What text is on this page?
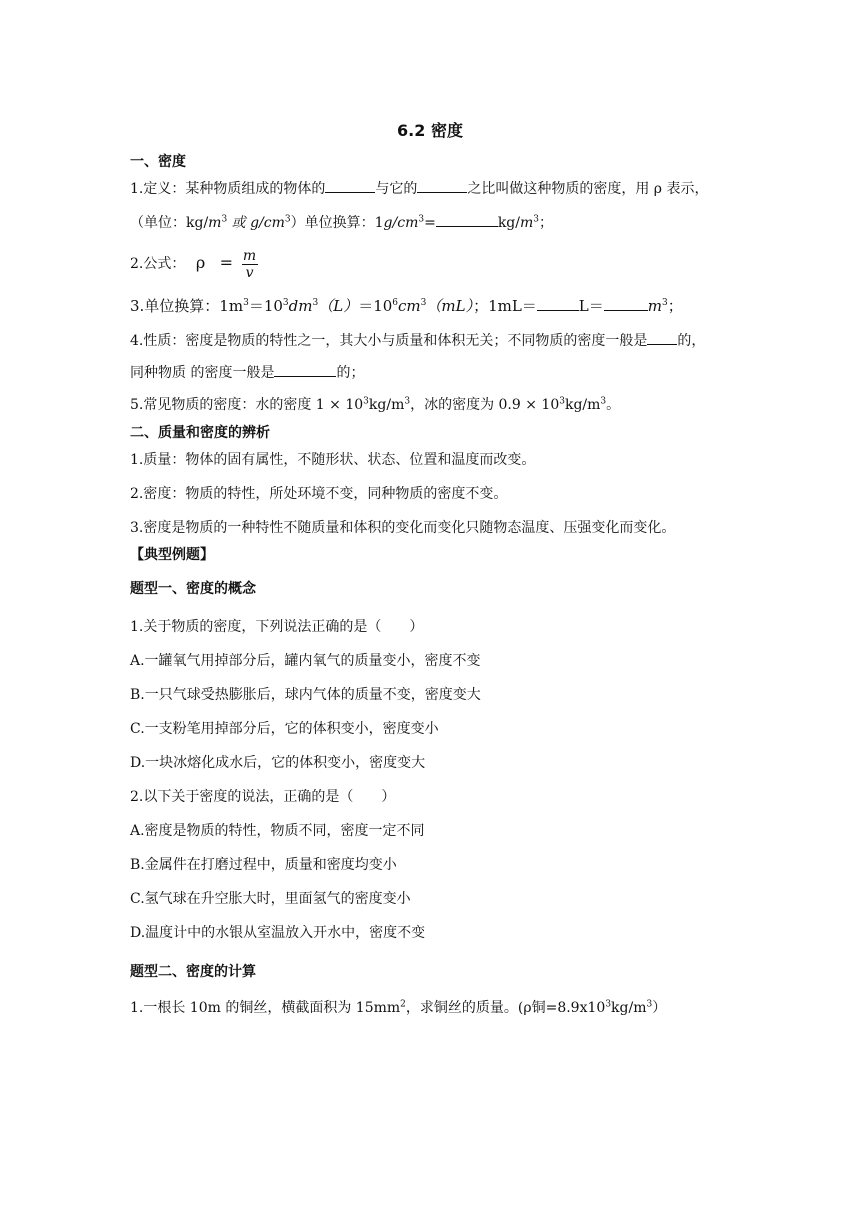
6.2 密度
一、密度
1.定义：某种物质组成的物体的	与它的	之比叫做这种物质的密度，用 ρ 表示，
（单位：$kg/m^3$ 或 $g/cm^3$）单位换算：$1g/cm^3=$	$kg/m^3$；
2.公式： $\rho = \frac{m}{v}$
3.单位换算：$1m^3=10^3dm^3(L)=10^6cm^3(mL)$；1mL＝	L＝	$m^3$；
4.性质：密度是物质的特性之一，其大小与质量和体积无关；不同物质的密度一般是 的，
同种物质 的密度一般是	的；
5.常见物质的密度：水的密度 $1 \times 10^3kg/m^3$，冰的密度为 $0.9 \times 10^3kg/m^3$。
二、质量和密度的辨析
1.质量：物体的固有属性，不随形状、状态、位置和温度而改变。
2.密度：物质的特性，所处环境不变，同种物质的密度不变。
3.密度是物质的一种特性不随质量和体积的变化而变化只随物态温度、压强变化而变化。
【典型例题】
题型一、密度的概念
1.关于物质的密度，下列说法正确的是（　　）
A.一罐氧气用掉部分后，罐内氧气的质量变小，密度不变
B.一只气球受热膨胀后，球内气体的质量不变，密度变大
C.一支粉笔用掉部分后，它的体积变小，密度变小
D.一块冰熔化成水后，它的体积变小，密度变大
2.以下关于密度的说法，正确的是（　　）
A.密度是物质的特性，物质不同，密度一定不同
B.金属件在打磨过程中，质量和密度均变小
C.氢气球在升空胀大时，里面氢气的密度变小
D.温度计中的水银从室温放入开水中，密度不变
题型二、密度的计算
1.一根长 10m 的铜丝，横截面积为 $15mm^2$，求铜丝的质量。(ρ铜$=8.9x10^3kg/m^3$）
